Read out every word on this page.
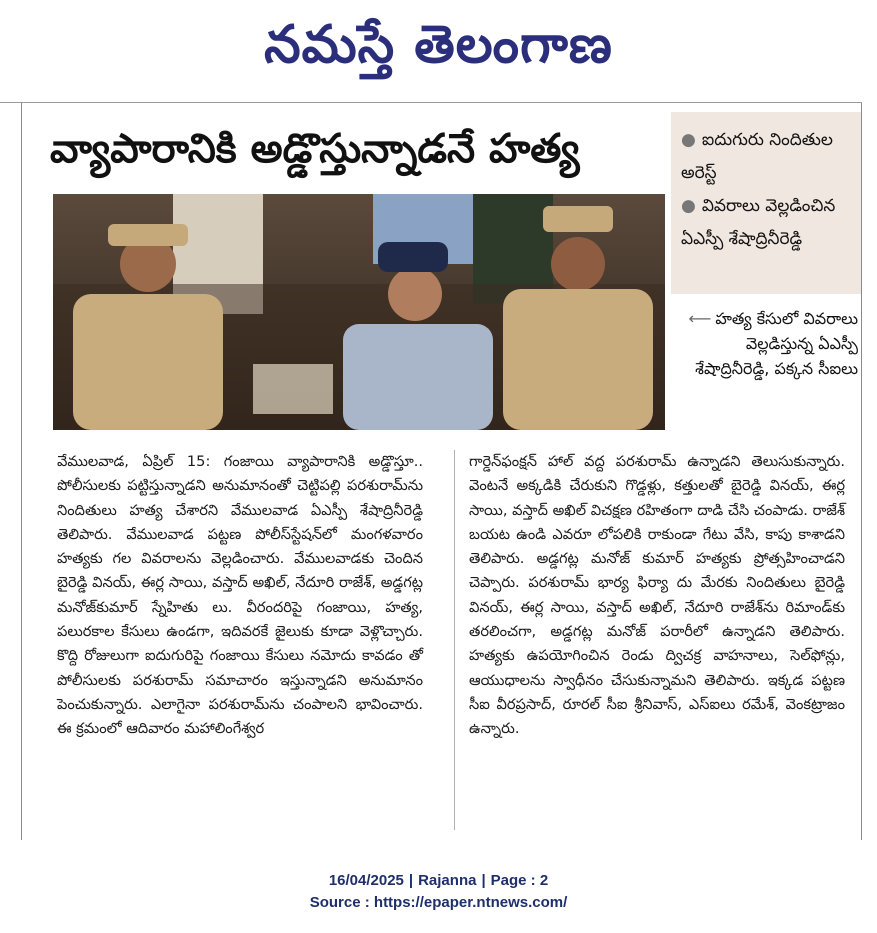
నమస్తే తెలంగాణ
వ్యాపారానికి అడ్డొస్తున్నాడనే హత్య	● ఐదుగురు నిందితుల అరెస్ట్
● వివరాలు వెల్లడించిన ఏఎస్పీ శేషాద్రినీరెడ్డి
⟵ హత్య కేసులో వివరాలు వెల్లడిస్తున్న ఏఎస్పీ శేషాద్రినీరెడ్డి, పక్కన సీఐలు

వేములవాడ, ఏప్రిల్ 15: గంజాయి వ్యాపారానికి అడ్డొస్తూ.. పోలీసులకు పట్టిస్తున్నాడని అనుమానంతో చెట్టిపల్లి పరశురామ్‌ను నిందితులు హత్య చేశారని వేములవాడ ఏఎస్పీ శేషాద్రినీరెడ్డి తెలిపారు. వేములవాడ పట్టణ పోలీస్‌స్టేషన్‌లో మంగళవారం హత్యకు గల వివరాలను వెల్లడించారు. వేములవాడకు చెందిన బైరెడ్డి వినయ్, ఈర్ల సాయి, వస్తాద్ అఖిల్, నేదూరి రాజేశ్, అడ్డగట్ల మనోజ్‌కుమార్ స్నేహితు లు. వీరందరిపై గంజాయి, హత్య, పలురకాల కేసులు ఉండగా, ఇదివరకే జైలుకు కూడా వెళ్లొచ్చారు. కొద్ది రోజులుగా ఐదుగురిపై గంజాయి కేసులు నమోదు కావడం తో పోలీసులకు పరశురామ్ సమాచారం ఇస్తున్నాడని అనుమానం పెంచుకున్నారు. ఎలాగైనా పరశురామ్‌ను చంపాలని భావించారు. ఈ క్రమంలో ఆదివారం మహాలింగేశ్వర

గార్డెన్‌ఫంక్షన్ హాల్ వద్ద పరశురామ్ ఉన్నాడని తెలుసుకున్నారు. వెంటనే అక్కడికి చేరుకుని గొడ్డళ్లు, కత్తులతో బైరెడ్డి వినయ్, ఈర్ల సాయి, వస్తాద్ అఖిల్ విచక్షణ రహితంగా దాడి చేసి చంపాడు. రాజేశ్ బయట ఉండి ఎవరూ లోపలికి రాకుండా గేటు వేసి, కాపు కాశాడని తెలిపారు. అడ్డగట్ల మనోజ్ కుమార్ హత్యకు ప్రోత్సహించాడని చెప్పారు. పరశురామ్ భార్య ఫిర్యా దు మేరకు నిందితులు బైరెడ్డి వినయ్, ఈర్ల సాయి, వస్తాద్ అఖిల్, నేదూరి రాజేశ్‌ను రిమాండ్‌కు తరలించగా, అడ్డగట్ల మనోజ్ పరారీలో ఉన్నాడని తెలిపారు. హత్యకు ఉపయోగించిన రెండు ద్విచక్ర వాహనాలు, సెల్‌ఫోన్లు, ఆయుధాలను స్వాధీనం చేసుకున్నామని తెలిపారు. ఇక్కడ పట్టణ సీఐ వీరప్రసాద్, రూరల్ సీఐ శ్రీనివాస్, ఎస్ఐలు రమేశ్, వెంకట్రాజం ఉన్నారు.

16/04/2025 | Rajanna | Page : 2
Source : https://epaper.ntnews.com/
